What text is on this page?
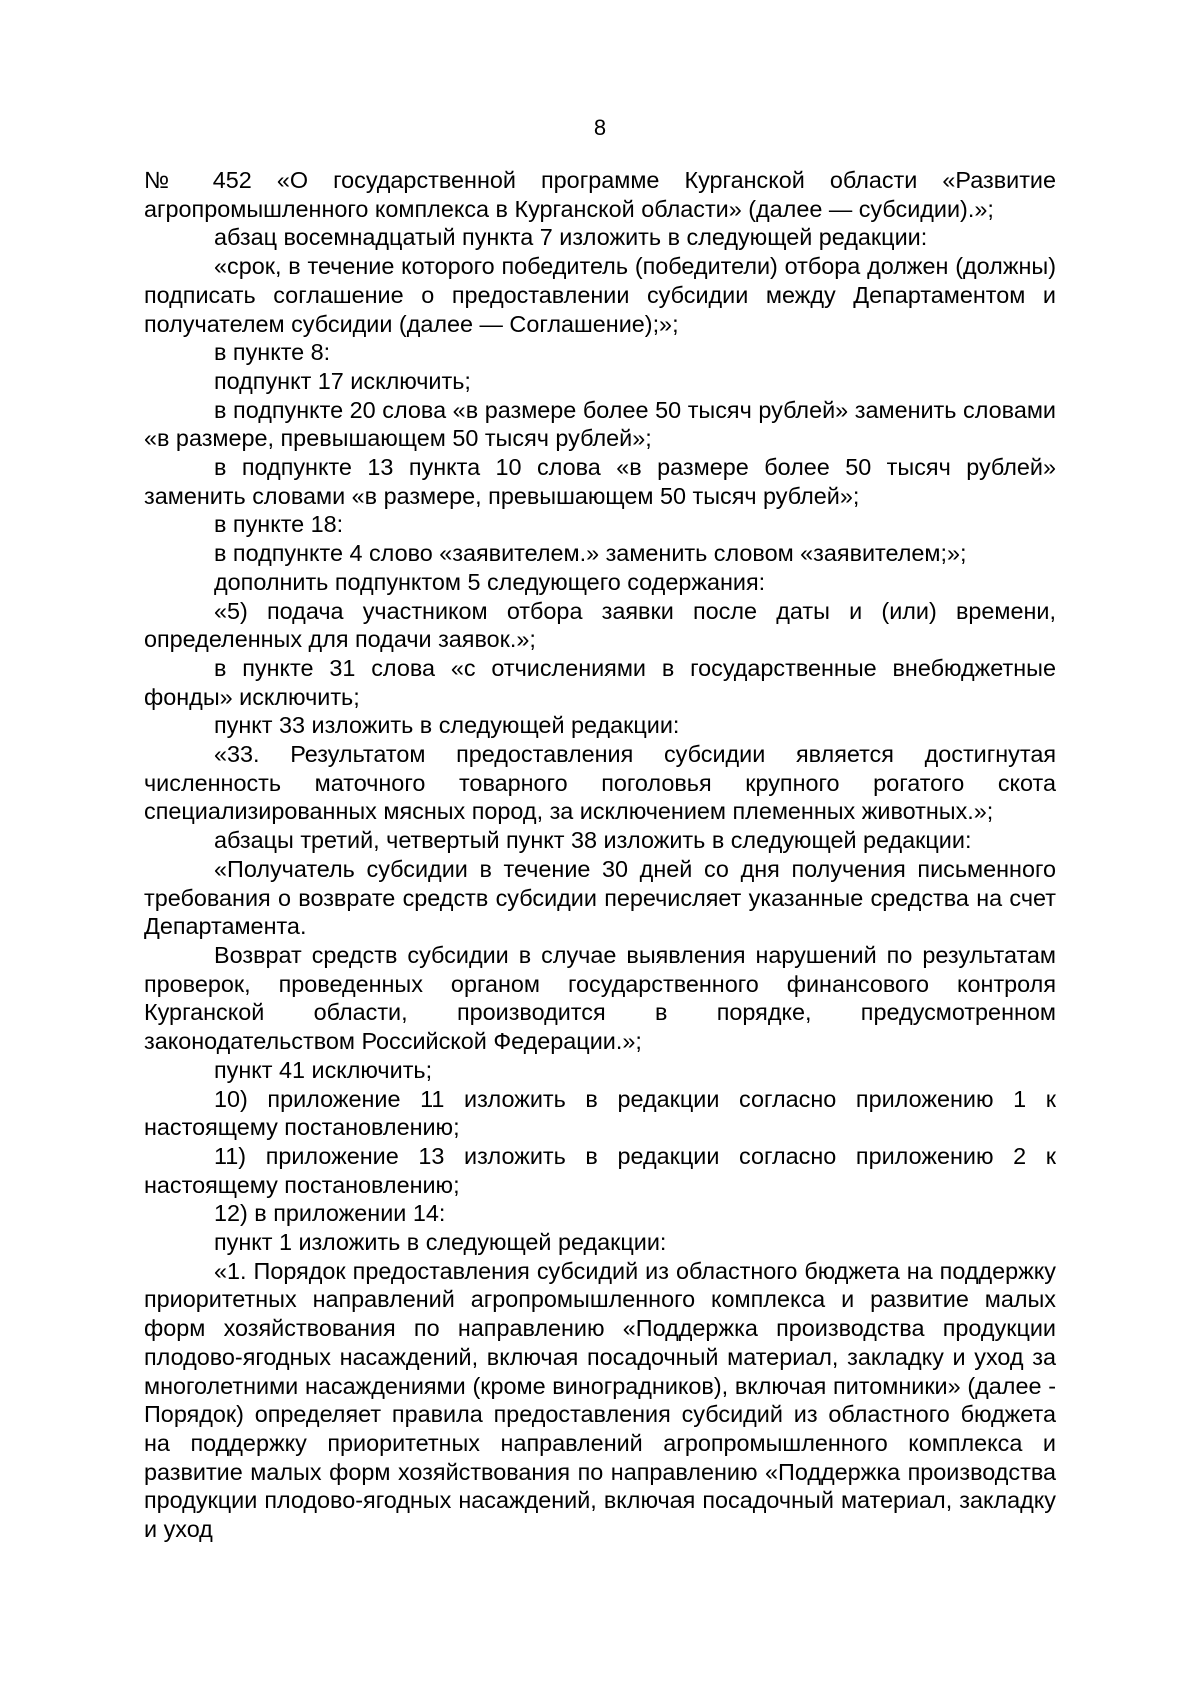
8

№ 452 «О государственной программе Курганской области «Развитие агропромышленного комплекса в Курганской области» (далее — субсидии).»;

абзац восемнадцатый пункта 7 изложить в следующей редакции:

«срок, в течение которого победитель (победители) отбора должен (должны) подписать соглашение о предоставлении субсидии между Департаментом и получателем субсидии (далее — Соглашение);»;

в пункте 8:

подпункт 17 исключить;

в подпункте 20 слова «в размере более 50 тысяч рублей» заменить словами «в размере, превышающем 50 тысяч рублей»;

в подпункте 13 пункта 10 слова «в размере более 50 тысяч рублей» заменить словами «в размере, превышающем 50 тысяч рублей»;

в пункте 18:

в подпункте 4 слово «заявителем.» заменить словом «заявителем;»;

дополнить подпунктом 5 следующего содержания:

«5) подача участником отбора заявки после даты и (или) времени, определенных для подачи заявок.»;

в пункте 31 слова «с отчислениями в государственные внебюджетные фонды» исключить;

пункт 33 изложить в следующей редакции:

«33. Результатом предоставления субсидии является достигнутая численность маточного товарного поголовья крупного рогатого скота специализированных мясных пород, за исключением племенных животных.»;

абзацы третий, четвертый пункт 38 изложить в следующей редакции:

«Получатель субсидии в течение 30 дней со дня получения письменного требования о возврате средств субсидии перечисляет указанные средства на счет Департамента.

Возврат средств субсидии в случае выявления нарушений по результатам проверок, проведенных органом государственного финансового контроля Курганской области, производится в порядке, предусмотренном законодательством Российской Федерации.»;

пункт 41 исключить;

10) приложение 11 изложить в редакции согласно приложению 1 к настоящему постановлению;

11) приложение 13 изложить в редакции согласно приложению 2 к настоящему постановлению;

12) в приложении 14:

пункт 1 изложить в следующей редакции:

«1. Порядок предоставления субсидий из областного бюджета на поддержку приоритетных направлений агропромышленного комплекса и развитие малых форм хозяйствования по направлению «Поддержка производства продукции плодово-ягодных насаждений, включая посадочный материал, закладку и уход за многолетними насаждениями (кроме виноградников), включая питомники» (далее - Порядок) определяет правила предоставления субсидий из областного бюджета на поддержку приоритетных направлений агропромышленного комплекса и развитие малых форм хозяйствования по направлению «Поддержка производства продукции плодово-ягодных насаждений, включая посадочный материал, закладку и уход
